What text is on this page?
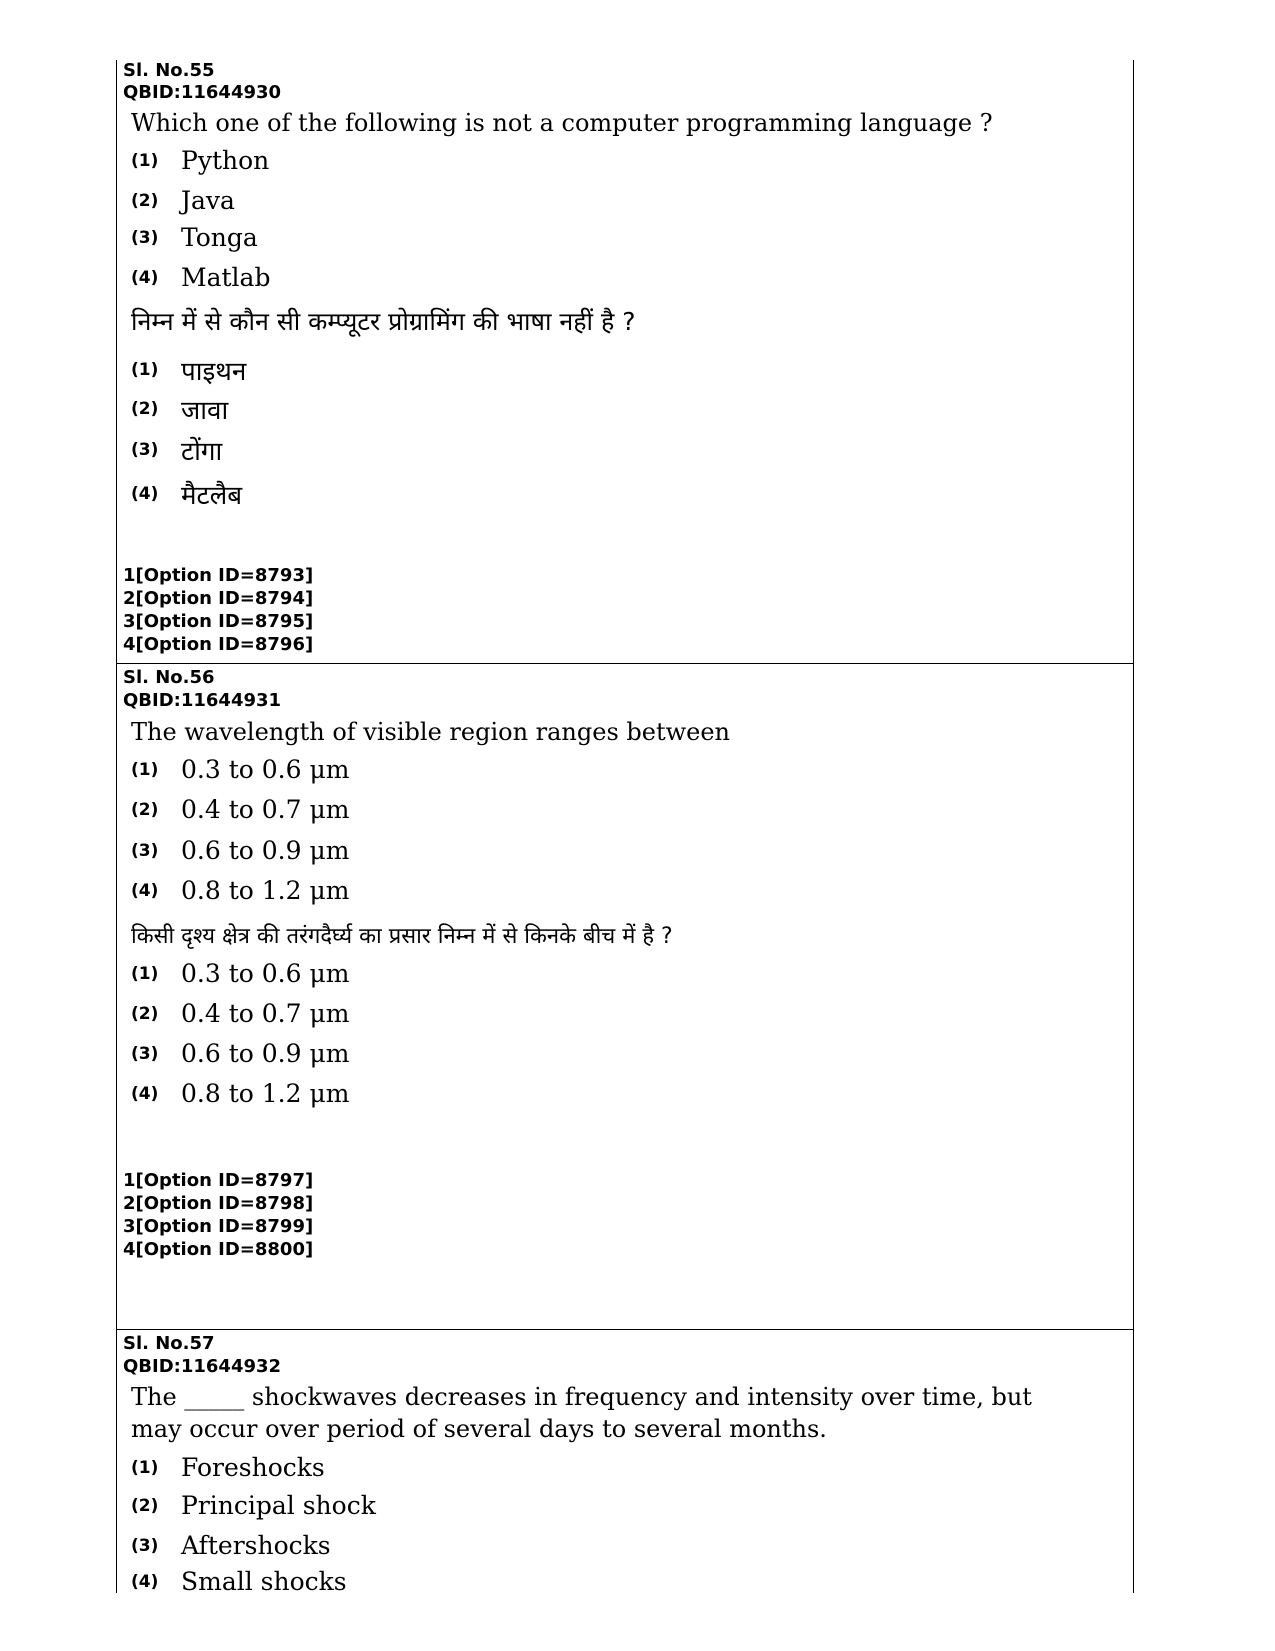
Sl. No.55
QBID:11644930
Which one of the following is not a computer programming language ?
(1) Python
(2) Java
(3) Tonga
(4) Matlab
निम्न में से कौन सी कम्प्यूटर प्रोग्रामिंग की भाषा नहीं है ?
(1) पाइथन
(2) जावा
(3) टोंगा
(4) मैटलैब
1[Option ID=8793]
2[Option ID=8794]
3[Option ID=8795]
4[Option ID=8796]
Sl. No.56
QBID:11644931
The wavelength of visible region ranges between
(1) 0.3 to 0.6 μm
(2) 0.4 to 0.7 μm
(3) 0.6 to 0.9 μm
(4) 0.8 to 1.2 μm
किसी दृश्य क्षेत्र की तरंगदैर्घ्य का प्रसार निम्न में से किनके बीच में है ?
(1) 0.3 to 0.6 μm
(2) 0.4 to 0.7 μm
(3) 0.6 to 0.9 μm
(4) 0.8 to 1.2 μm
1[Option ID=8797]
2[Option ID=8798]
3[Option ID=8799]
4[Option ID=8800]
Sl. No.57
QBID:11644932
The _____ shockwaves decreases in frequency and intensity over time, but may occur over period of several days to several months.
(1) Foreshocks
(2) Principal shock
(3) Aftershocks
(4) Small shocks
